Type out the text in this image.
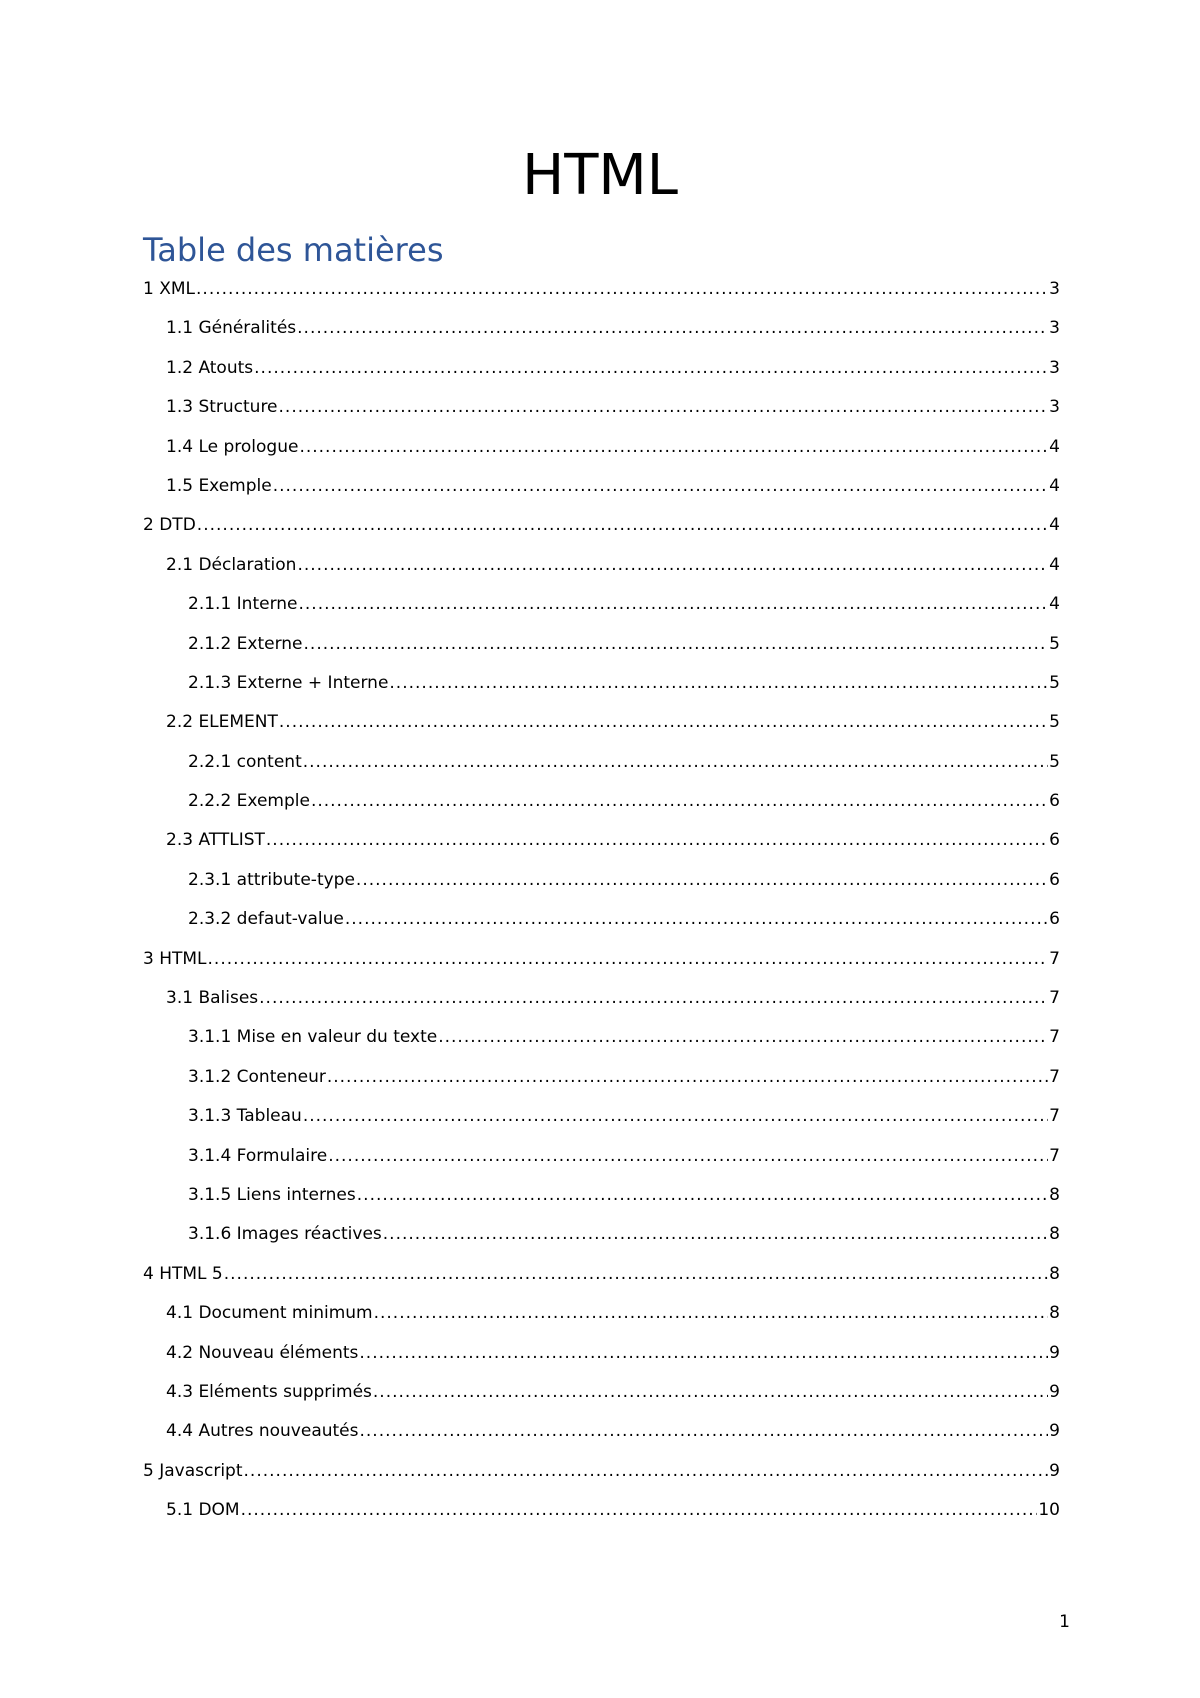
HTML
Table des matières
1 XML .....	3
1.1 Généralités .....	3
1.2 Atouts .....	3
1.3 Structure .....	3
1.4 Le prologue .....	4
1.5 Exemple .....	4
2 DTD .....	4
2.1 Déclaration .....	4
2.1.1 Interne .....	4
2.1.2 Externe .....	5
2.1.3 Externe + Interne .....	5
2.2 ELEMENT .....	5
2.2.1 content .....	5
2.2.2 Exemple .....	6
2.3 ATTLIST .....	6
2.3.1 attribute-type .....	6
2.3.2 defaut-value .....	6
3 HTML .....	7
3.1 Balises .....	7
3.1.1 Mise en valeur du texte .....	7
3.1.2 Conteneur .....	7
3.1.3 Tableau .....	7
3.1.4 Formulaire .....	7
3.1.5 Liens internes .....	8
3.1.6 Images réactives .....	8
4 HTML 5 .....	8
4.1 Document minimum .....	8
4.2 Nouveau éléments .....	9
4.3 Eléments supprimés .....	9
4.4 Autres nouveautés .....	9
5 Javascript .....	9
5.1 DOM .....	10
1
